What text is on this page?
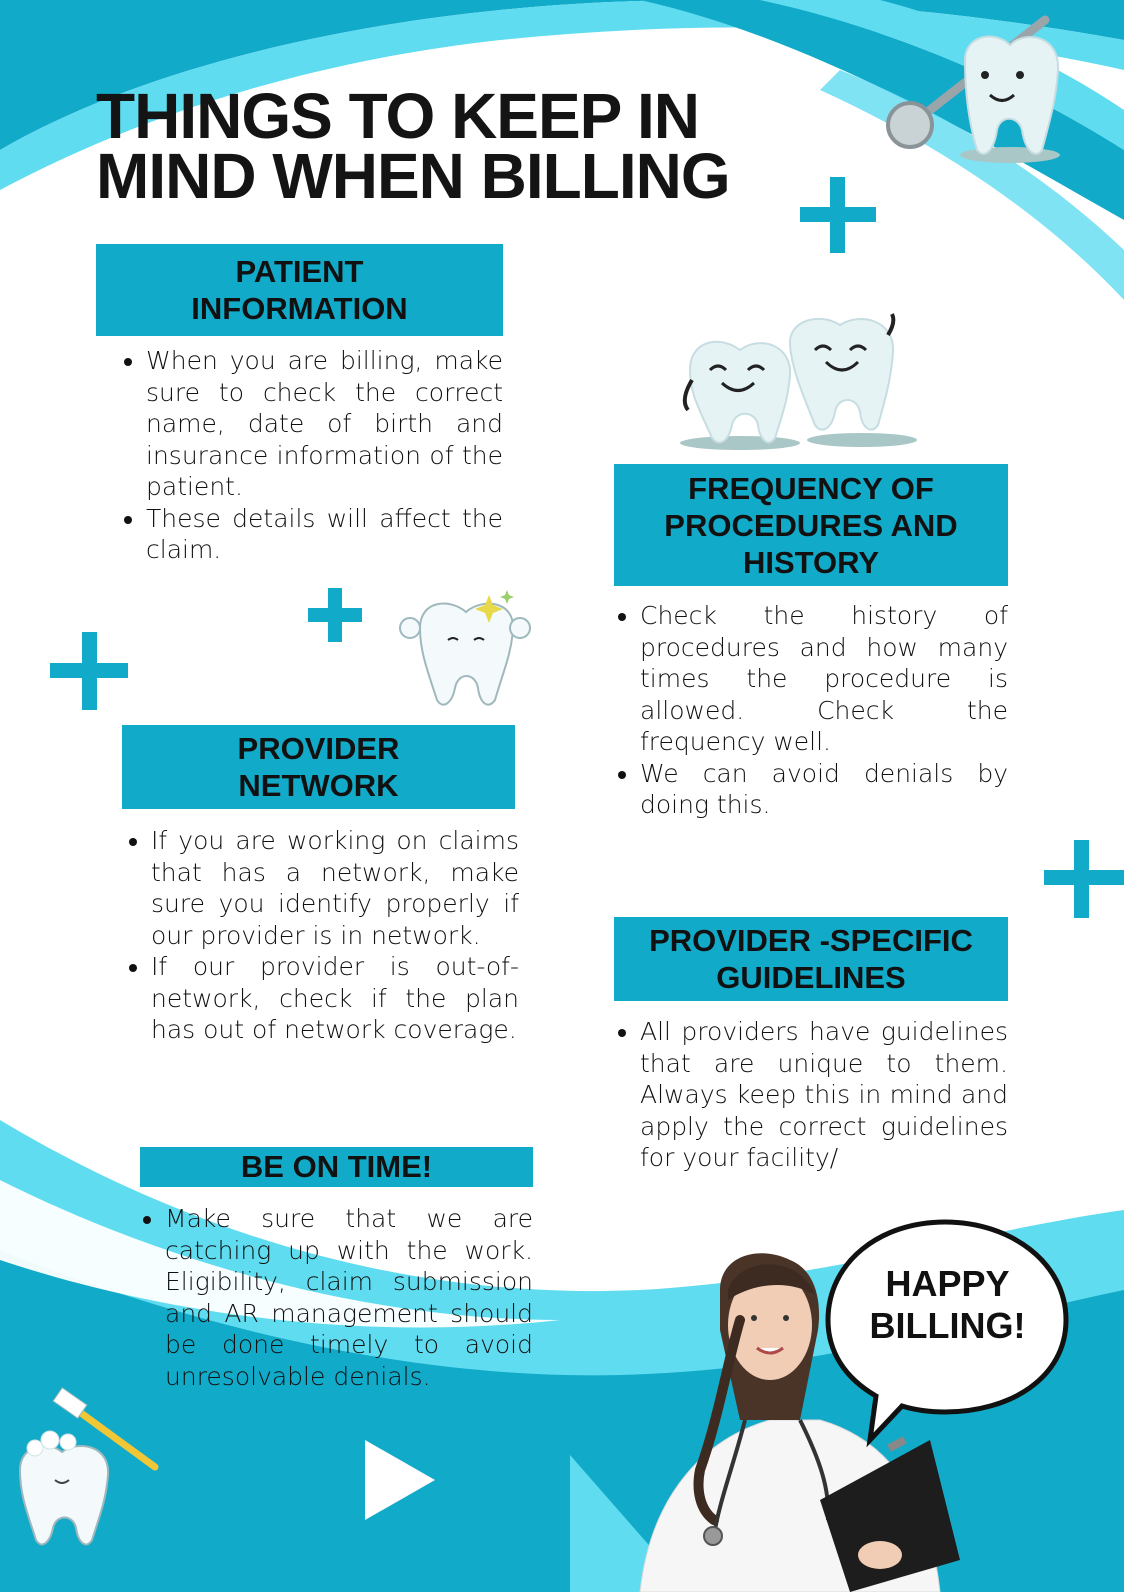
THINGS TO KEEP IN
MIND WHEN BILLING
PATIENT
INFORMATION
• When you are billing, make sure to check the correct name, date of birth and insurance information of the patient.
• These details will affect the claim.
FREQUENCY OF
PROCEDURES AND
HISTORY
• Check the history of procedures and how many times the procedure is allowed. Check the frequency well.
• We can avoid denials by doing this.
PROVIDER
NETWORK
• If you are working on claims that has a network, make sure you identify properly if our provider is in network.
• If our provider is out-of-network, check if the plan has out of network coverage.
PROVIDER -SPECIFIC
GUIDELINES
• All providers have guidelines that are unique to them. Always keep this in mind and apply the correct guidelines for your facility/
BE ON TIME!
• Make sure that we are catching up with the work. Eligibility, claim submission and AR management should be done timely to avoid unresolvable denials.
HAPPY
BILLING!
